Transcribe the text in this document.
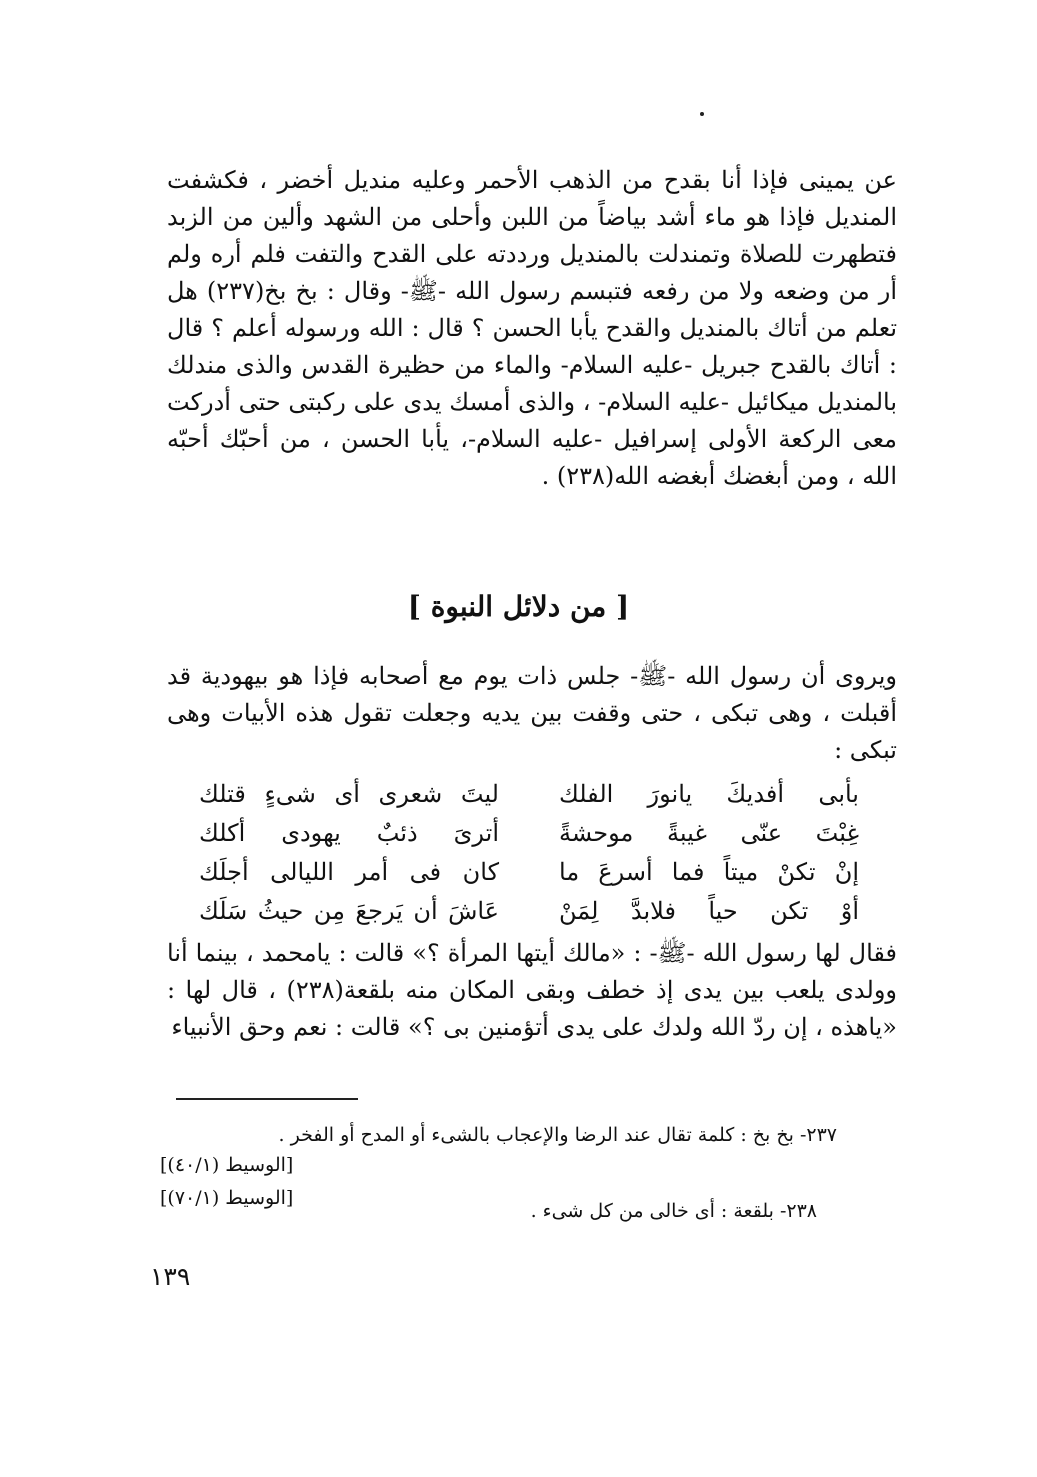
عن يمينى فإذا أنا بقدح من الذهب الأحمر وعليه منديل أخضر ، فكشفت المنديل فإذا هو ماء أشد بياضاً من اللبن وأحلى من الشهد وألين من الزبد فتطهرت للصلاة وتمندلت بالمنديل ورددته على القدح والتفت فلم أره ولم أر من وضعه ولا من رفعه فتبسم رسول الله -ﷺ- وقال : بخ بخ(٢٣٧) هل تعلم من أتاك بالمنديل والقدح يأبا الحسن ؟ قال : الله ورسوله أعلم ؟ قال : أتاك بالقدح جبريل -عليه السلام- والماء من حظيرة القدس والذى مندلك بالمنديل ميكائيل -عليه السلام- ، والذى أمسك يدى على ركبتى حتى أدركت معى الركعة الأولى إسرافيل -عليه السلام-، يأبا الحسن ، من أحبّك أحبّه الله ، ومن أبغضك أبغضه الله(٢٣٨) .

[ من دلائل النبوة ]

ويروى أن رسول الله -ﷺ- جلس ذات يوم مع أصحابه فإذا هو بيهودية قد أقبلت ، وهى تبكى ، حتى وقفت بين يديه وجعلت تقول هذه الأبيات وهى تبكى :

بأبى أفديكَ يانورَ الفلك
ليتَ شعرى أى شىءٍ قتلك
غِبْتَ عنّى غيبةً موحشةً
أترىَ ذئبٌ يهودى أكلك
إنْ تكنْ ميتاً فما أسرعَ ما
كان فى أمر الليالى أجلَك
أوْ تكن حياً فلابدَّ لِمَنْ
عَاشَ أن يَرجعَ مِن حيثُ سَلَك

فقال لها رسول الله -ﷺ- : «مالك أيتها المرأة ؟» قالت : يامحمد ، بينما أنا وولدى يلعب بين يدى إذ خطف وبقى المكان منه بلقعة(٢٣٨) ، قال لها : «ياهذه ، إن ردّ الله ولدك على يدى أتؤمنين بى ؟» قالت : نعم وحق الأنبياء

٢٣٧- بخ بخ : كلمة تقال عند الرضا والإعجاب بالشىء أو المدح أو الفخر .

[الوسيط (٤٠/١)]

[الوسيط (٧٠/١)]

٢٣٨- بلقعة : أى خالى من كل شىء .

١٣٩
